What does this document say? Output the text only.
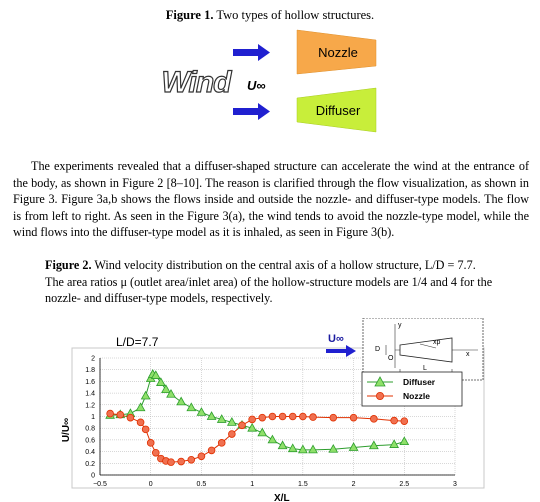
Figure 1. Two types of hollow structures.
Wind U∞
Nozzle
Diffuser
The experiments revealed that a diffuser-shaped structure can accelerate the wind at the entrance of the body, as shown in Figure 2 [8–10]. The reason is clarified through the flow visualization, as shown in Figure 3. Figure 3a,b shows the flows inside and outside the nozzle- and diffuser-type models. The flow is from left to right. As seen in the Figure 3(a), the wind tends to avoid the nozzle-type model, while the wind flows into the diffuser-type model as it is inhaled, as seen in Figure 3(b).
Figure 2. Wind velocity distribution on the central axis of a hollow structure, L/D = 7.7.
The area ratios μ (outlet area/inlet area) of the hollow-structure models are 1/4 and 4 for the
nozzle- and diffuser-type models, respectively.
0
0.2
0.4
0.6
0.8
1
1.2
1.4
1.6
1.8
2
−0.5	0	0.5	1	1.5	2	2.5	3
L/D=7.7	U∞
y
x
D
O
L
xp
Diffuser
Nozzle
U/U∞
X/L
